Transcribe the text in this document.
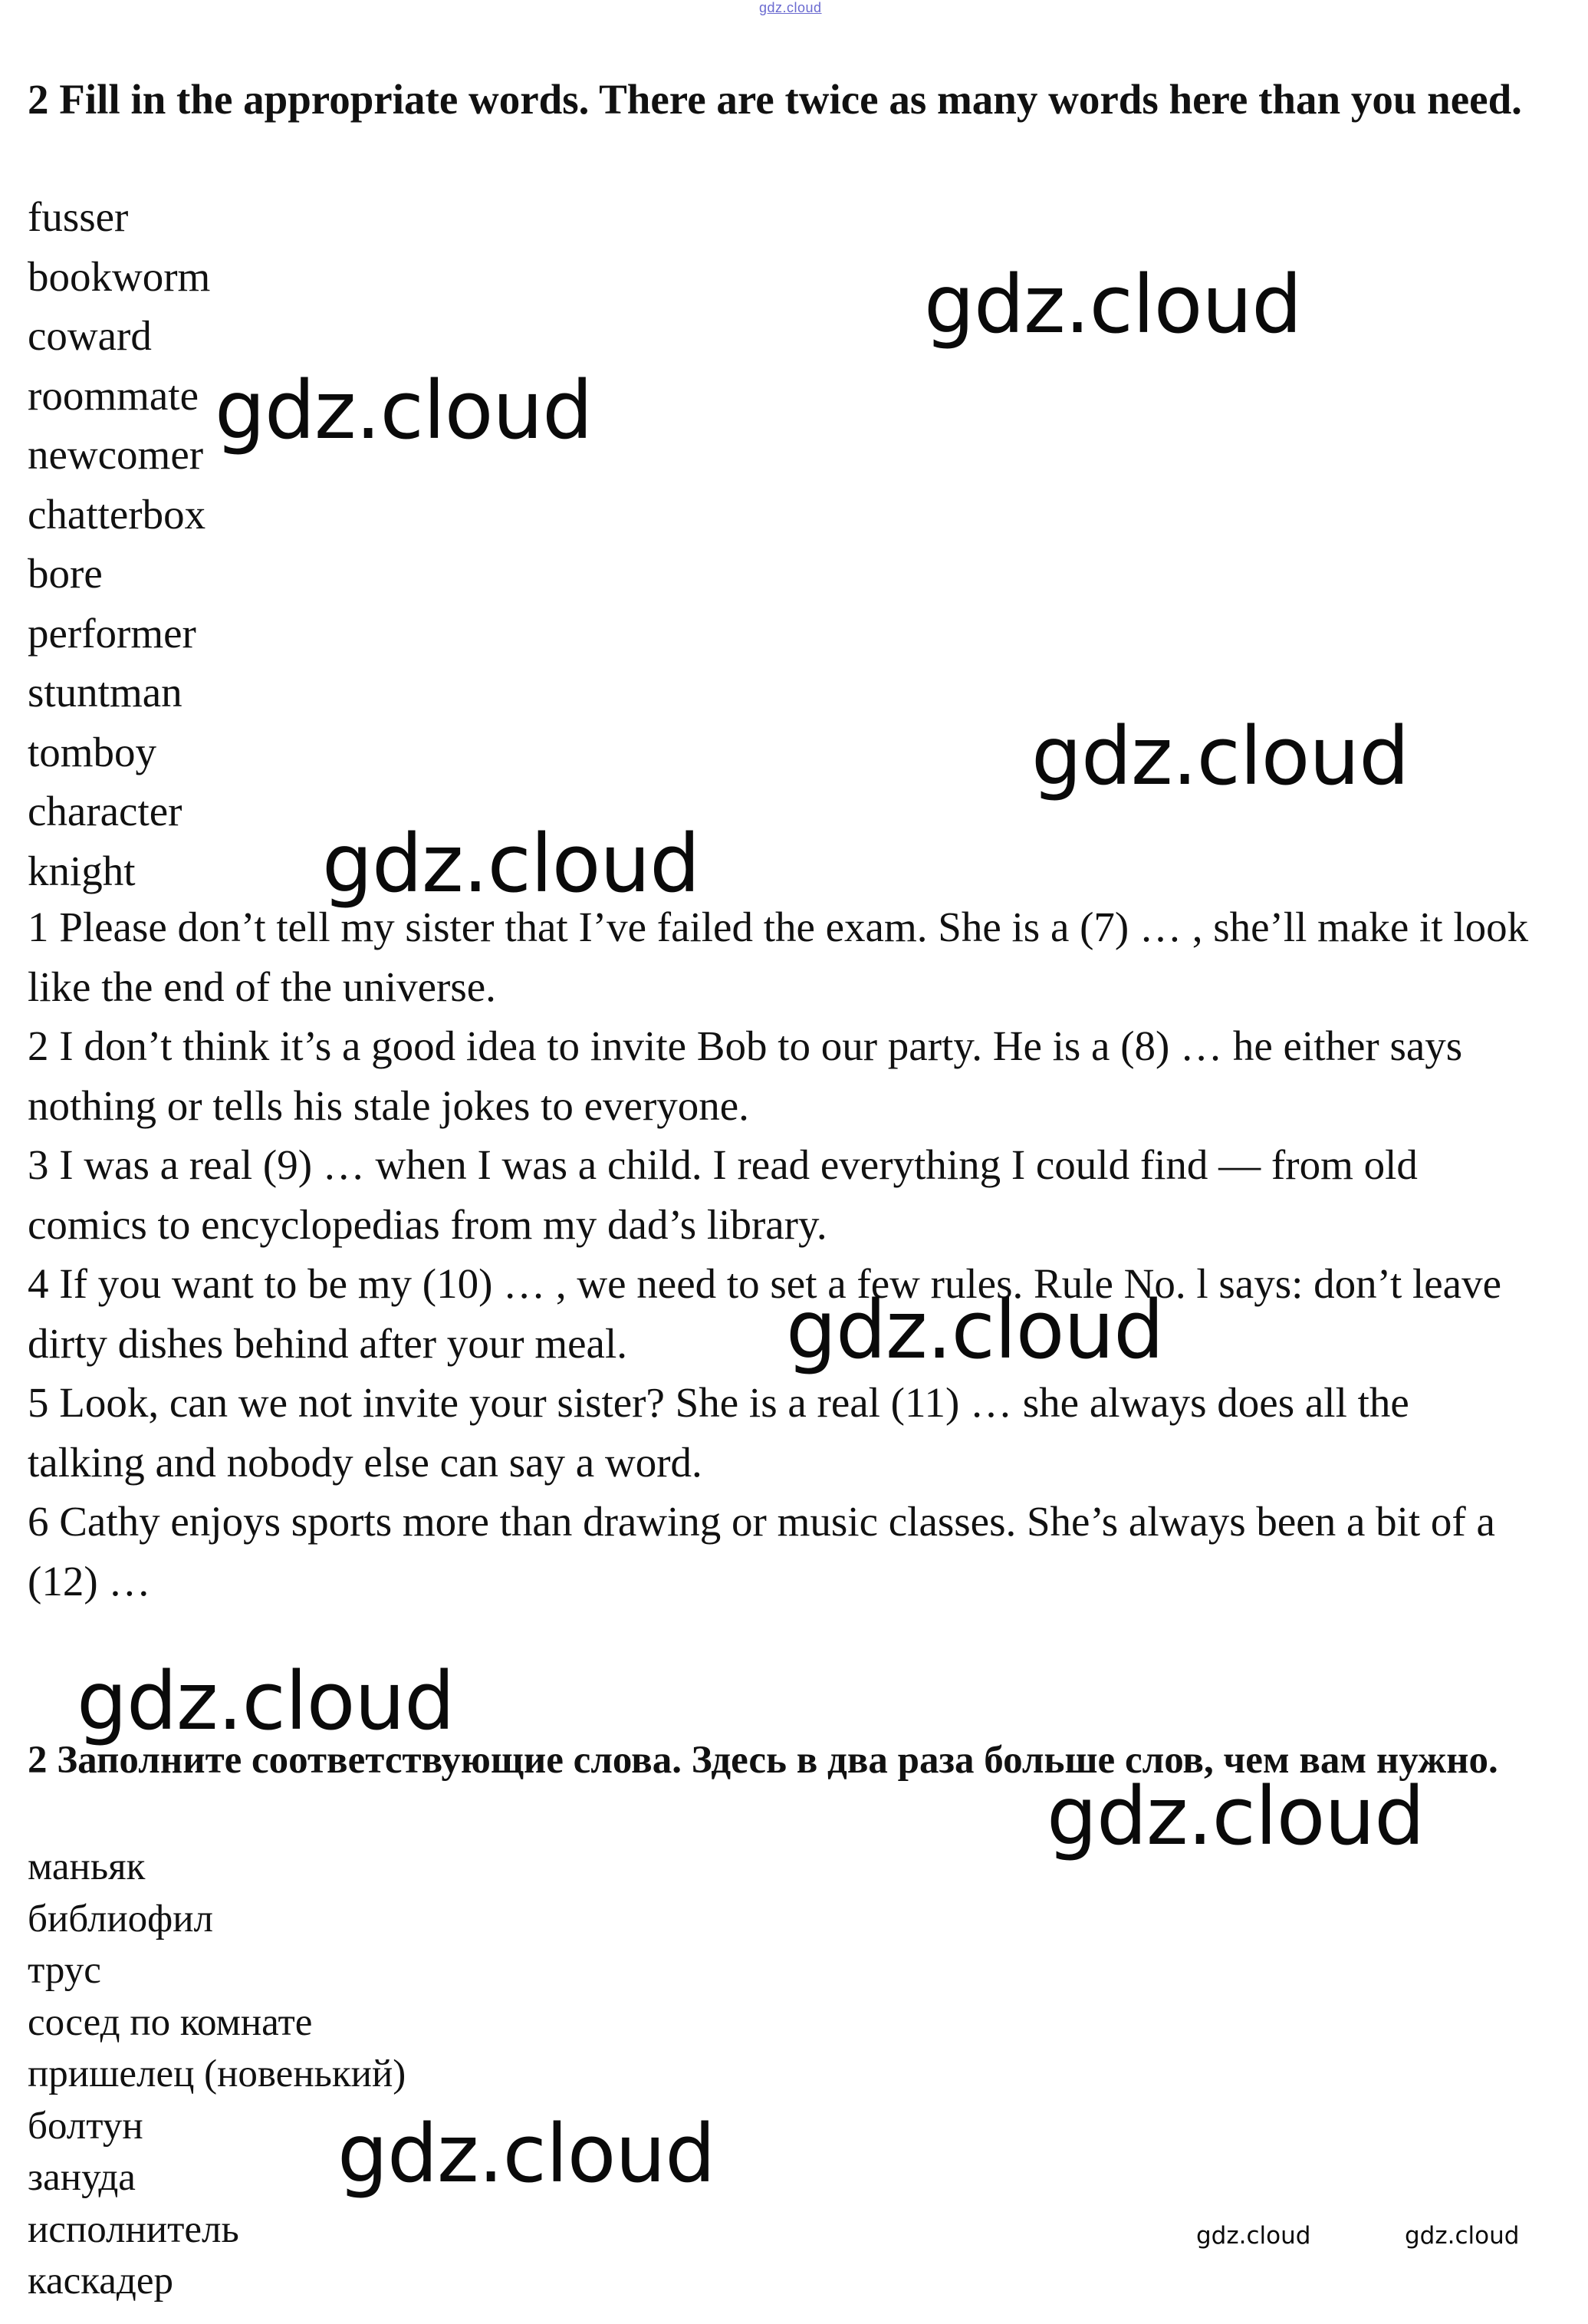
gdz.cloud
2 Fill in the appropriate words. There are twice as many words here than you need.
fusser
bookworm
coward
roommate
newcomer
chatterbox
bore
performer
stuntman
tomboy
character
knight
1 Please don’t tell my sister that I’ve failed the exam. She is a (7) … , she’ll make it look like the end of the universe.
2 I don’t think it’s a good idea to invite Bob to our party. He is a (8) … he either says nothing or tells his stale jokes to everyone.
3 I was a real (9) … when I was a child. I read everything I could find — from old comics to encyclopedias from my dad’s library.
4 If you want to be my (10) … , we need to set a few rules. Rule No. l says: don’t leave dirty dishes behind after your meal.
5 Look, can we not invite your sister? She is a real (11) … she always does all the talking and nobody else can say a word.
6 Cathy enjoys sports more than drawing or music classes. She’s always been a bit of a (12) …
2 Заполните соответствующие слова. Здесь в два раза больше слов, чем вам нужно.
маньяк
библиофил
трус
сосед по комнате
пришелец (новенький)
болтун
зануда
исполнитель
каскадер
gdz.cloud
gdz.cloud
gdz.cloud
gdz.cloud
gdz.cloud
gdz.cloud
gdz.cloud
gdz.cloud
gdz.cloud	gdz.cloud
